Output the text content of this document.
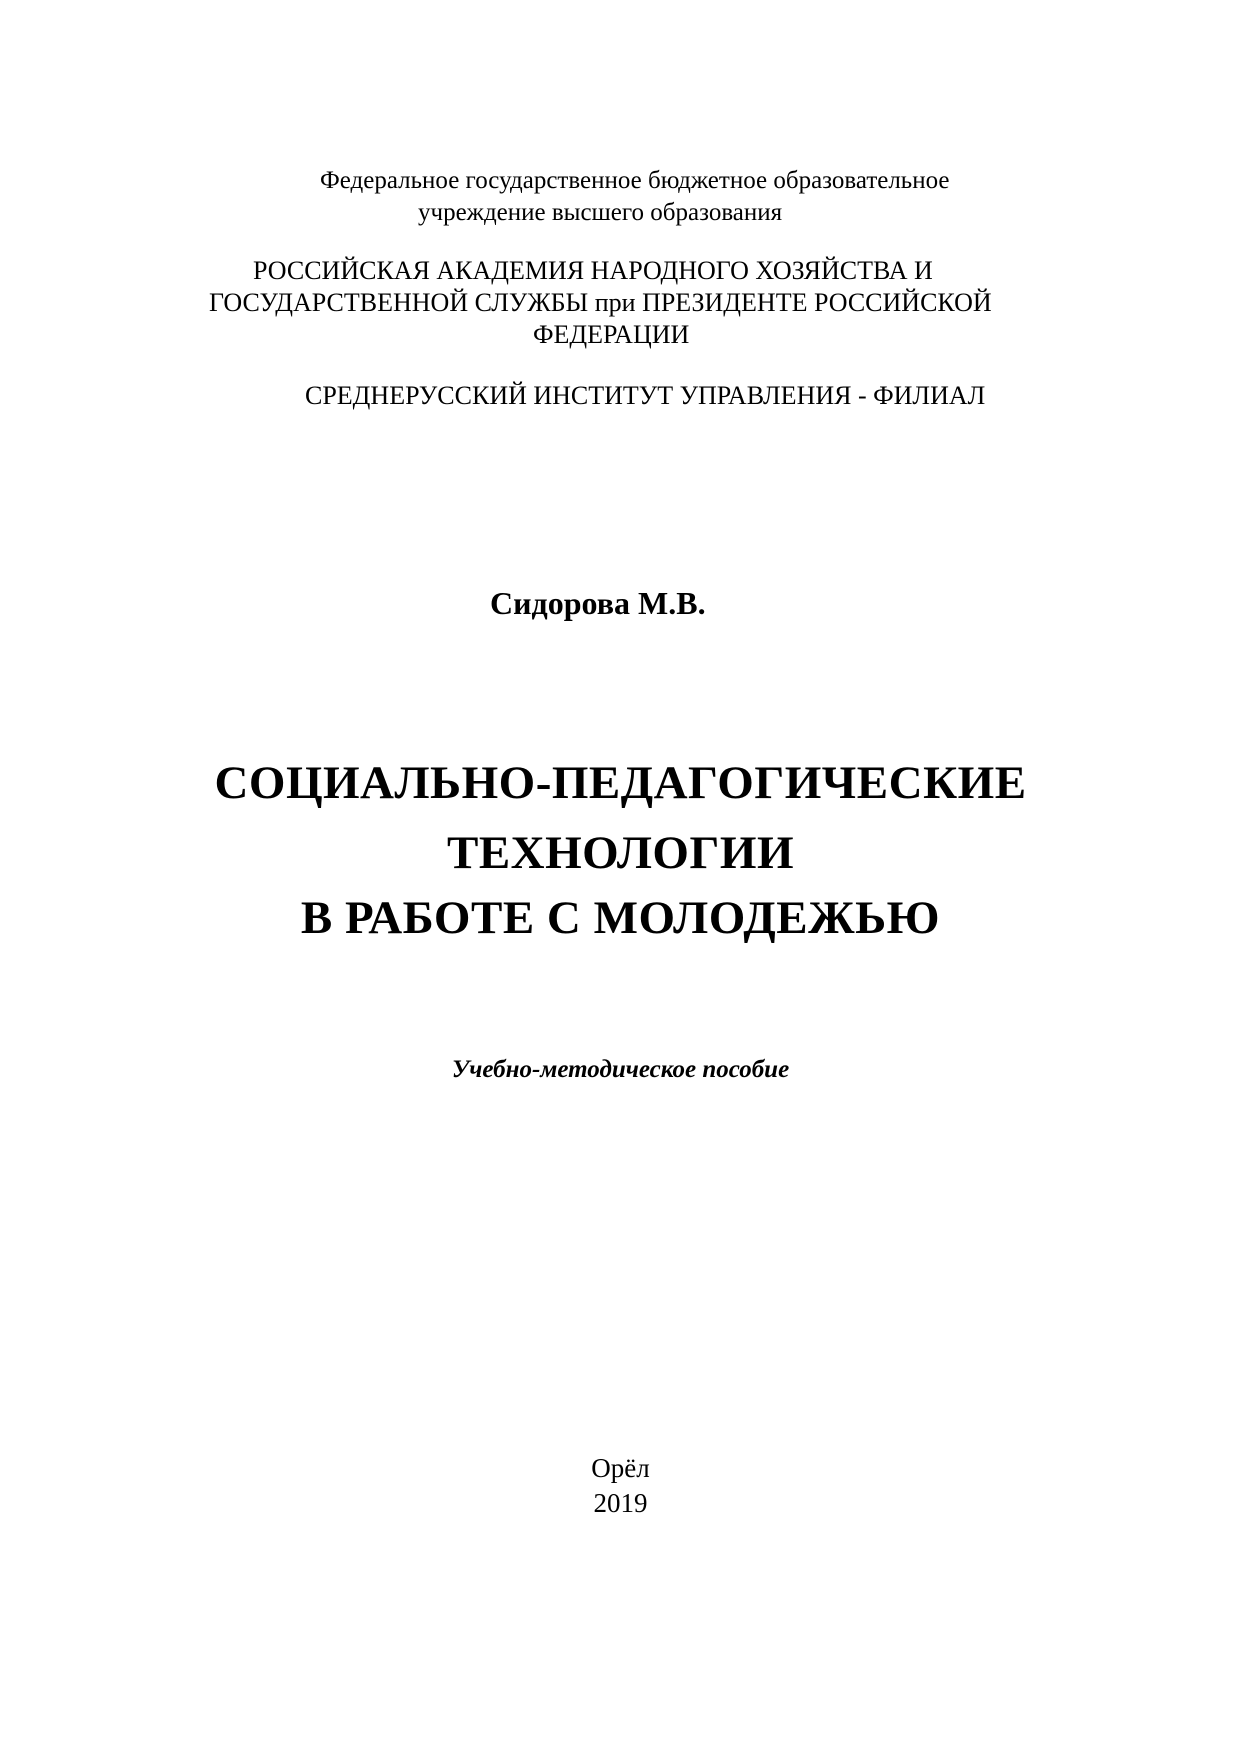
Федеральное государственное бюджетное образовательное
учреждение высшего образования
РОССИЙСКАЯ АКАДЕМИЯ НАРОДНОГО ХОЗЯЙСТВА И
ГОСУДАРСТВЕННОЙ СЛУЖБЫ при ПРЕЗИДЕНТЕ РОССИЙСКОЙ
ФЕДЕРАЦИИ
СРЕДНЕРУССКИЙ ИНСТИТУТ УПРАВЛЕНИЯ - ФИЛИАЛ
Сидорова М.В.
СОЦИАЛЬНО-ПЕДАГОГИЧЕСКИЕ
ТЕХНОЛОГИИ
В РАБОТЕ С МОЛОДЕЖЬЮ
Учебно-методическое пособие
Орёл
2019
